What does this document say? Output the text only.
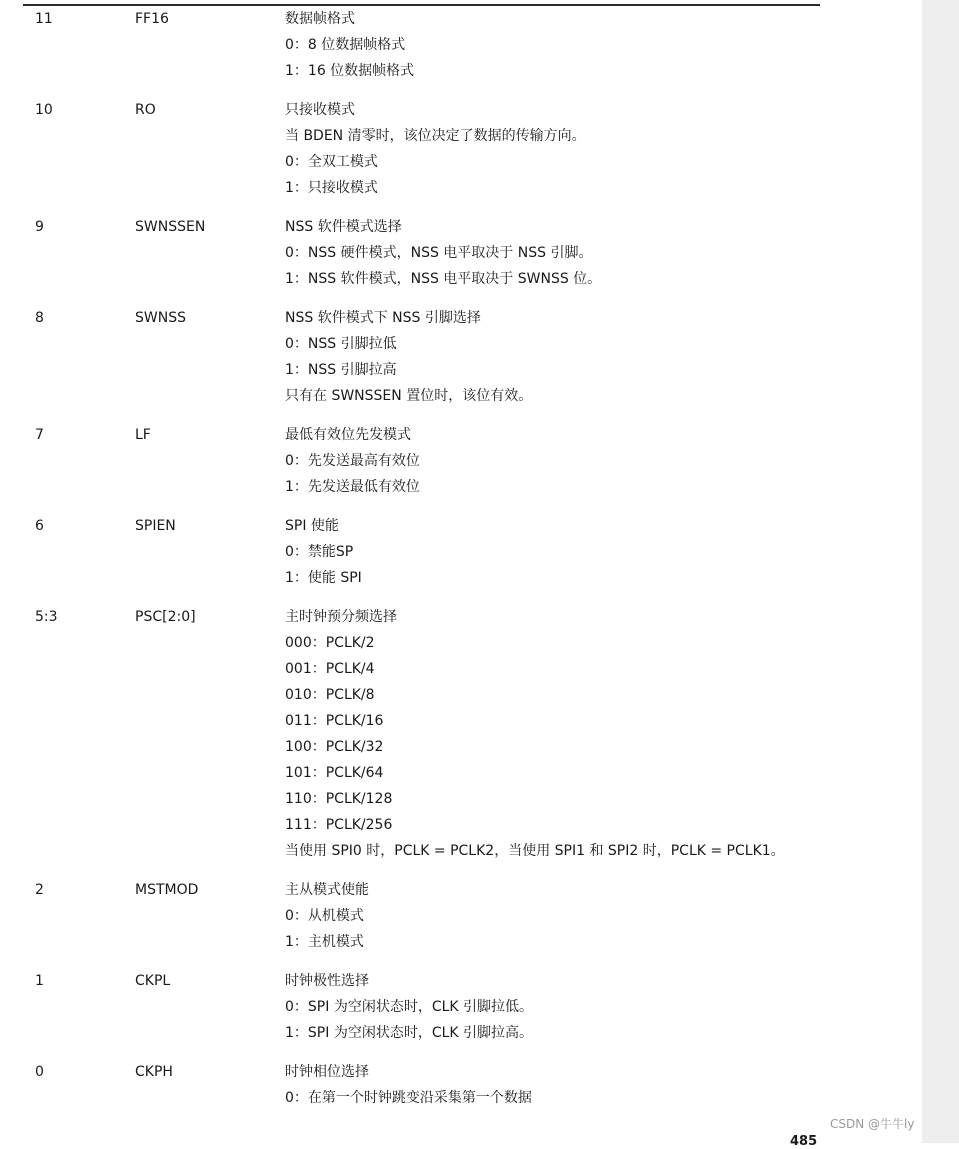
11	FF16	数据帧格式
0：8 位数据帧格式
1：16 位数据帧格式
10	RO	只接收模式
当 BDEN 清零时，该位决定了数据的传输方向。
0：全双工模式
1：只接收模式
9	SWNSSEN	NSS 软件模式选择
0：NSS 硬件模式，NSS 电平取决于 NSS 引脚。
1：NSS 软件模式，NSS 电平取决于 SWNSS 位。
8	SWNSS	NSS 软件模式下 NSS 引脚选择
0：NSS 引脚拉低
1：NSS 引脚拉高
只有在 SWNSSEN 置位时，该位有效。
7	LF	最低有效位先发模式
0：先发送最高有效位
1：先发送最低有效位
6	SPIEN	SPI 使能
0：禁能SP
1：使能 SPI
5:3	PSC[2:0]	主时钟预分频选择
000：PCLK/2
001：PCLK/4
010：PCLK/8
011：PCLK/16
100：PCLK/32
101：PCLK/64
110：PCLK/128
111：PCLK/256
当使用 SPI0 时，PCLK = PCLK2，当使用 SPI1 和 SPI2 时，PCLK = PCLK1。
2	MSTMOD	主从模式使能
0：从机模式
1：主机模式
1	CKPL	时钟极性选择
0：SPI 为空闲状态时，CLK 引脚拉低。
1：SPI 为空闲状态时，CLK 引脚拉高。
0	CKPH	时钟相位选择
0：在第一个时钟跳变沿采集第一个数据
485
CSDN @牛牛ly
